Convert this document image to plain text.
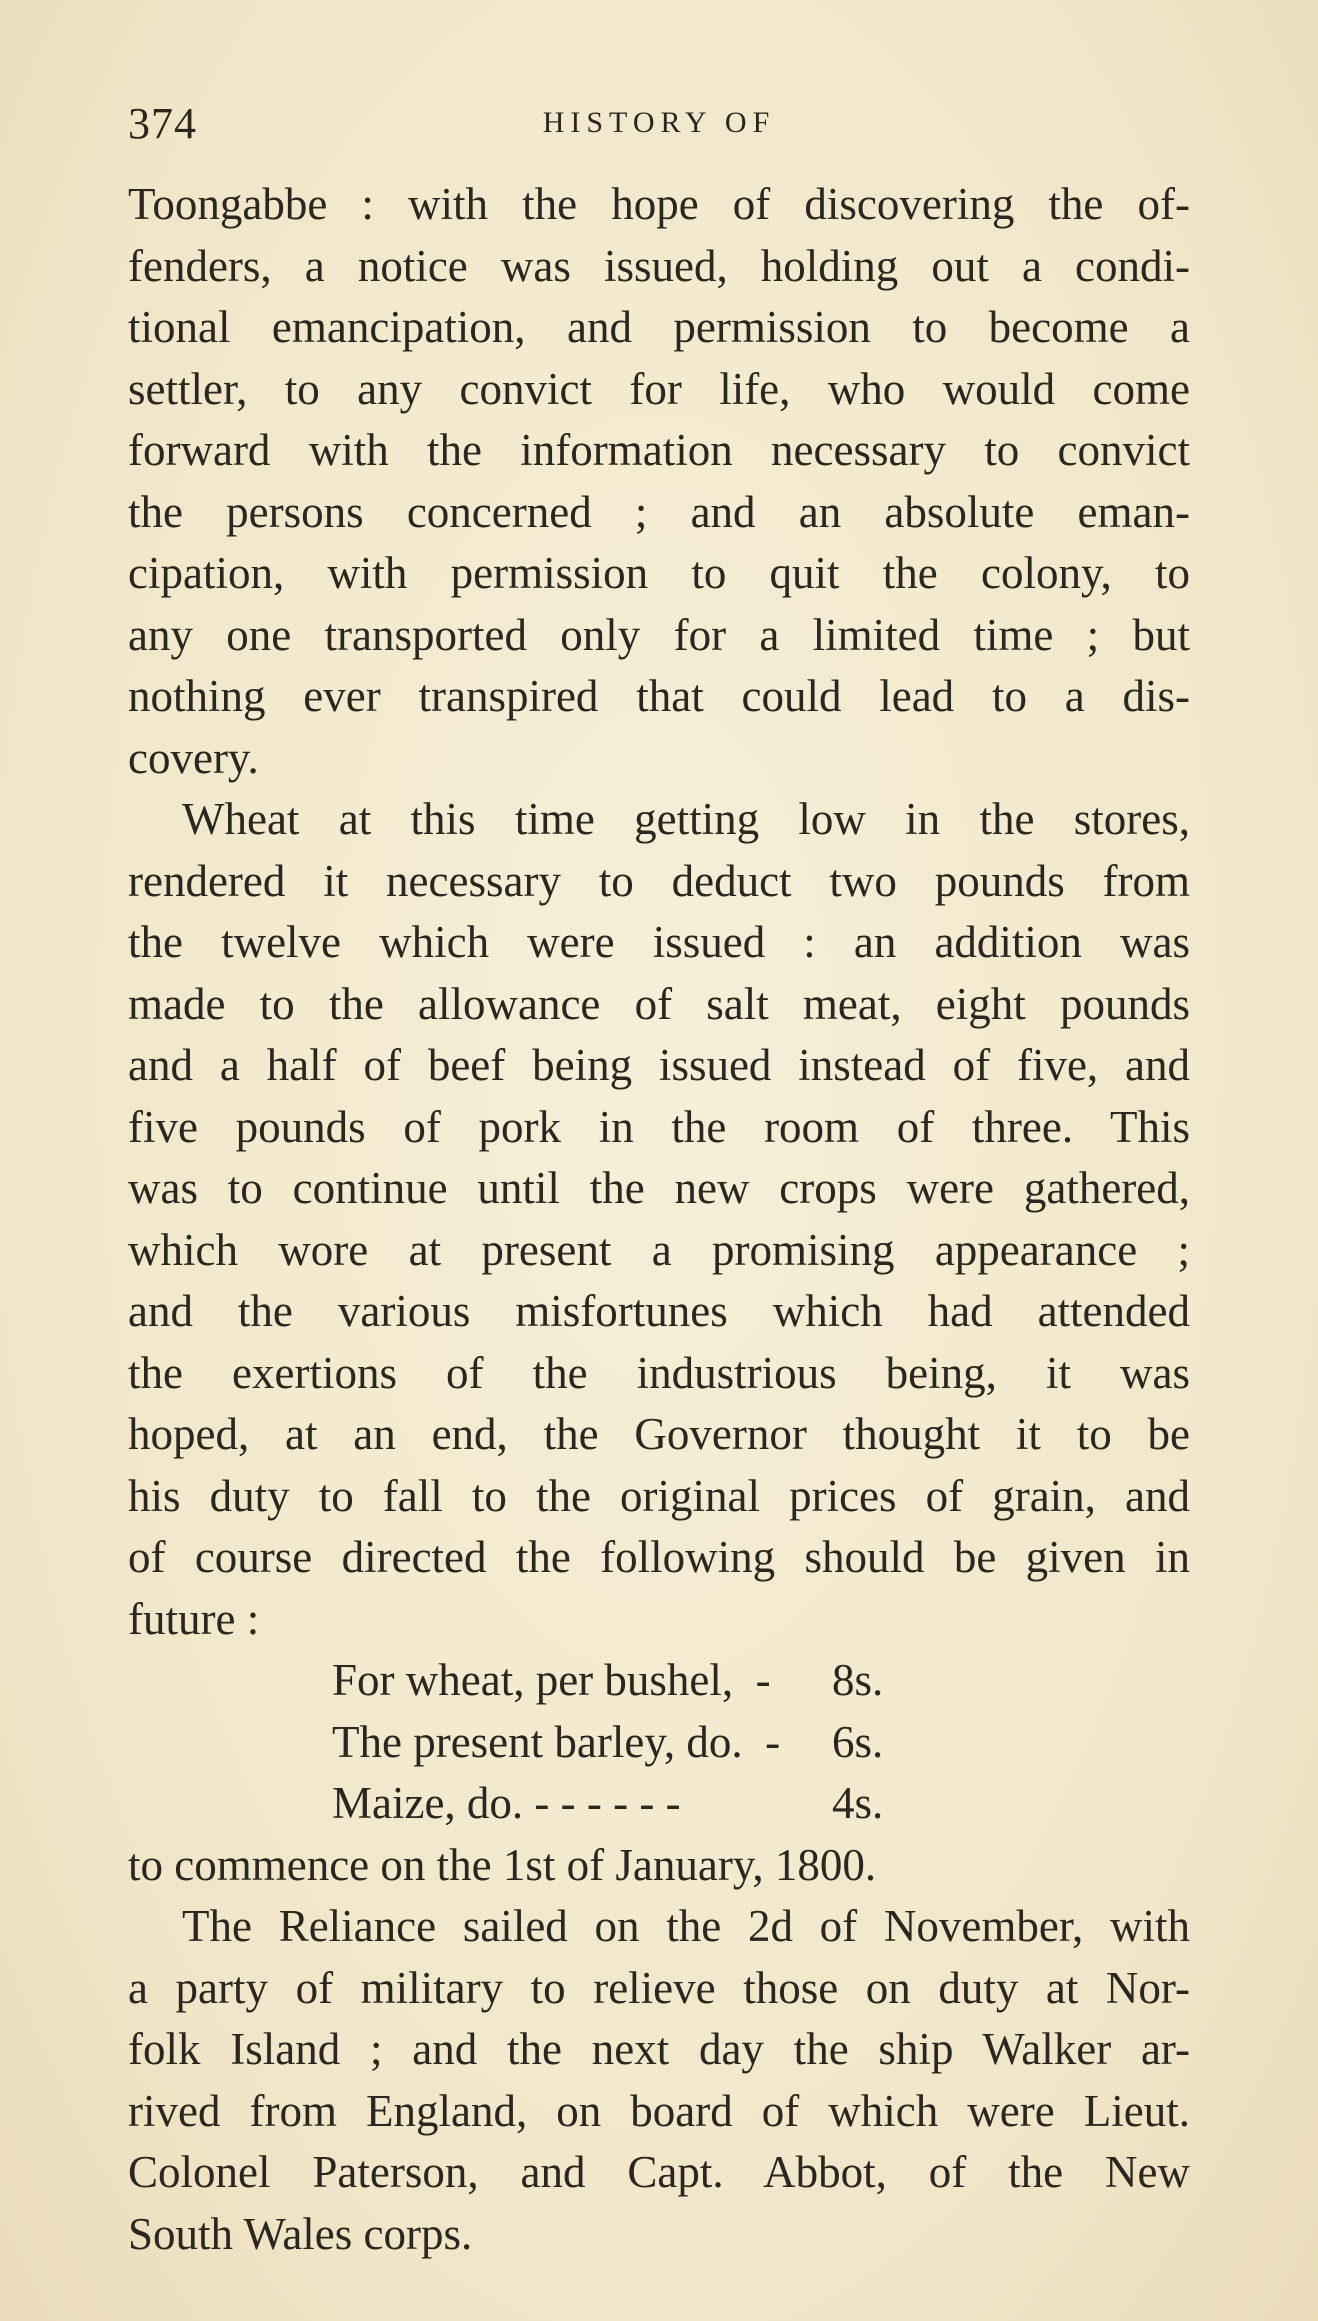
374	HISTORY OF

Toongabbe : with the hope of discovering the of-
fenders, a notice was issued, holding out a condi-
tional emancipation, and permission to become a
settler, to any convict for life, who would come
forward with the information necessary to convict
the persons concerned ; and an absolute eman-
cipation, with permission to quit the colony, to
any one transported only for a limited time ; but
nothing ever transpired that could lead to a dis-
covery.

Wheat at this time getting low in the stores,
rendered it necessary to deduct two pounds from
the twelve which were issued : an addition was
made to the allowance of salt meat, eight pounds
and a half of beef being issued instead of five, and
five pounds of pork in the room of three. This
was to continue until the new crops were gathered,
which wore at present a promising appearance ;
and the various misfortunes which had attended
the exertions of the industrious being, it was
hoped, at an end, the Governor thought it to be
his duty to fall to the original prices of grain, and
of course directed the following should be given in
future :

For wheat, per bushel,  -	8s.
The present barley, do.  -	6s.
Maize, do. - - - - - -	4s.

to commence on the 1st of January, 1800.

The Reliance sailed on the 2d of November, with
a party of military to relieve those on duty at Nor-
folk Island ; and the next day the ship Walker ar-
rived from England, on board of which were Lieut.
Colonel Paterson, and Capt. Abbot, of the New
South Wales corps.
